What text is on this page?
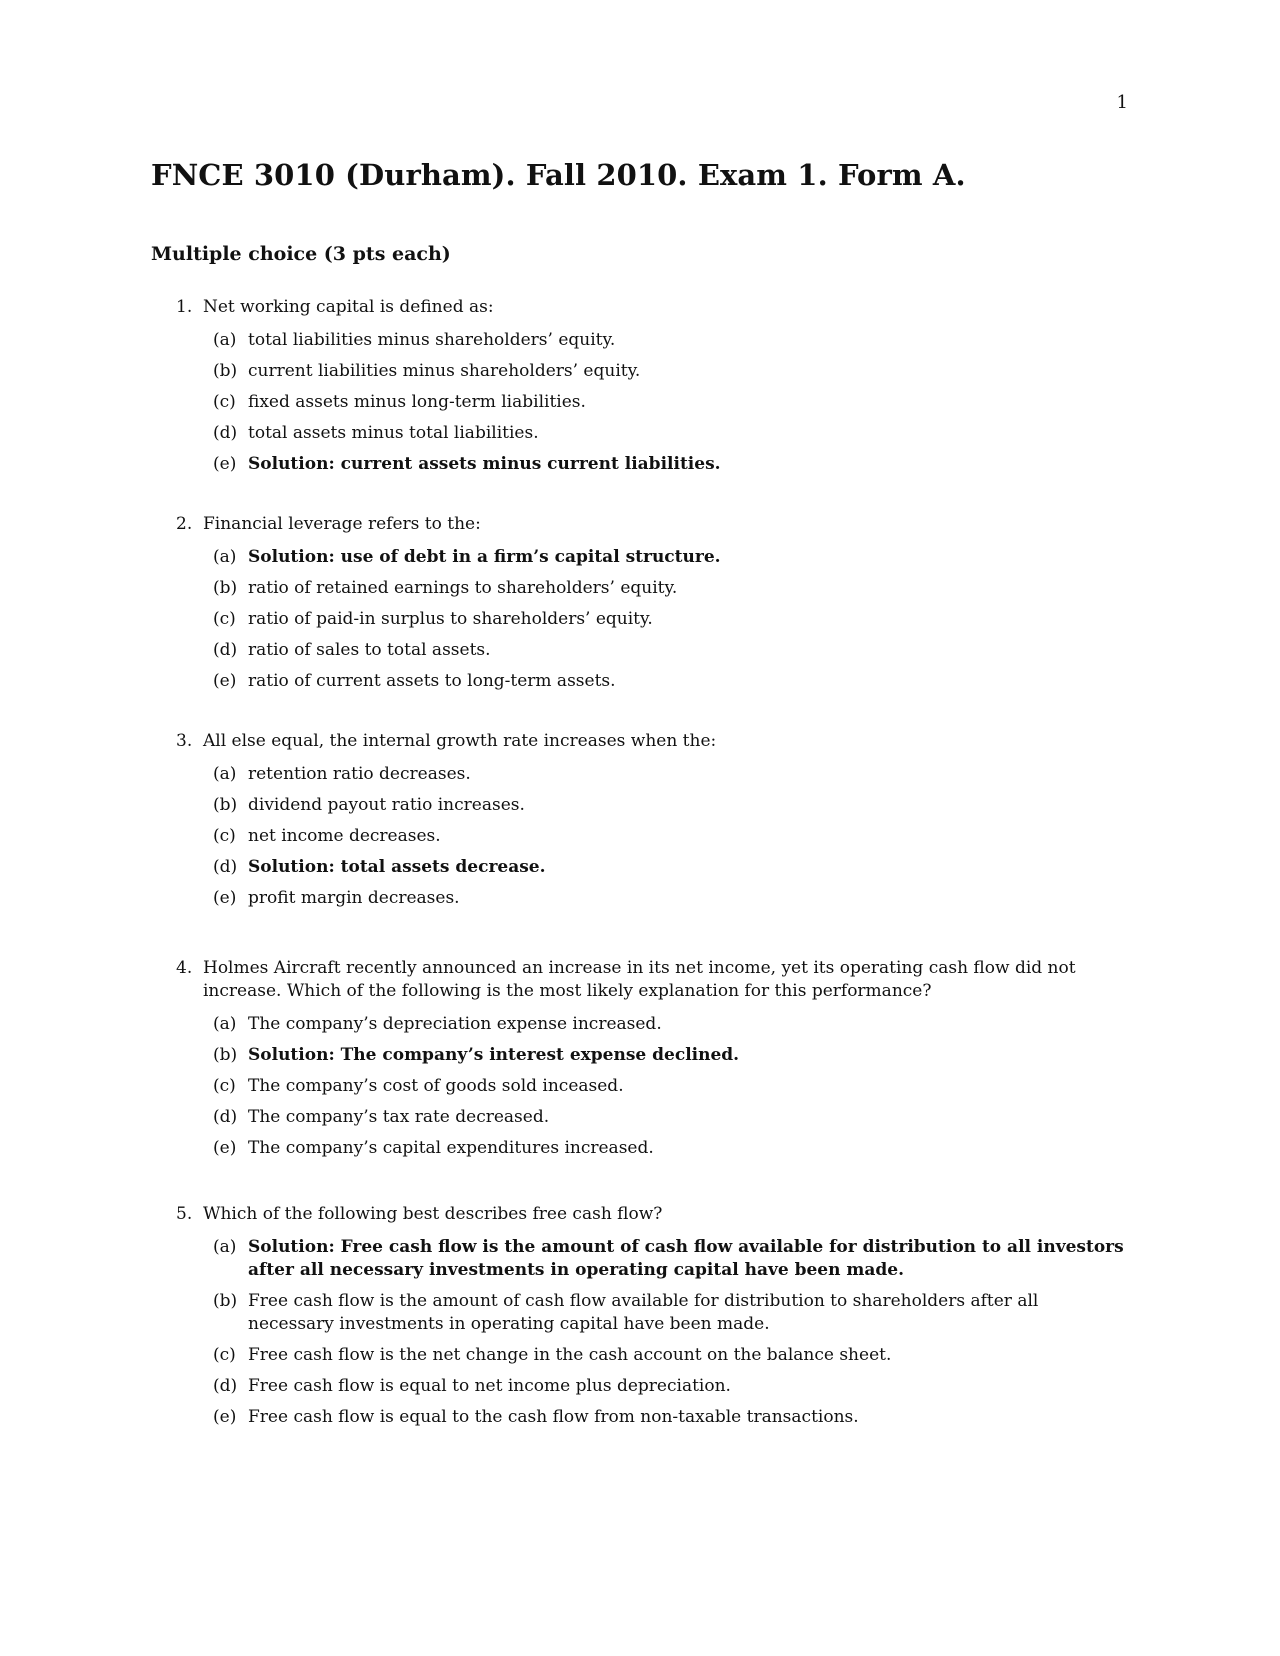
1
FNCE 3010 (Durham). Fall 2010. Exam 1. Form A.
Multiple choice (3 pts each)
1. Net working capital is defined as:
(a) total liabilities minus shareholders’ equity.
(b) current liabilities minus shareholders’ equity.
(c) fixed assets minus long-term liabilities.
(d) total assets minus total liabilities.
(e) Solution: current assets minus current liabilities.
2. Financial leverage refers to the:
(a) Solution: use of debt in a firm’s capital structure.
(b) ratio of retained earnings to shareholders’ equity.
(c) ratio of paid-in surplus to shareholders’ equity.
(d) ratio of sales to total assets.
(e) ratio of current assets to long-term assets.
3. All else equal, the internal growth rate increases when the:
(a) retention ratio decreases.
(b) dividend payout ratio increases.
(c) net income decreases.
(d) Solution: total assets decrease.
(e) profit margin decreases.
4. Holmes Aircraft recently announced an increase in its net income, yet its operating cash flow did not increase. Which of the following is the most likely explanation for this performance?
(a) The company’s depreciation expense increased.
(b) Solution: The company’s interest expense declined.
(c) The company’s cost of goods sold inceased.
(d) The company’s tax rate decreased.
(e) The company’s capital expenditures increased.
5. Which of the following best describes free cash flow?
(a) Solution: Free cash flow is the amount of cash flow available for distribution to all investors after all necessary investments in operating capital have been made.
(b) Free cash flow is the amount of cash flow available for distribution to shareholders after all necessary investments in operating capital have been made.
(c) Free cash flow is the net change in the cash account on the balance sheet.
(d) Free cash flow is equal to net income plus depreciation.
(e) Free cash flow is equal to the cash flow from non-taxable transactions.
